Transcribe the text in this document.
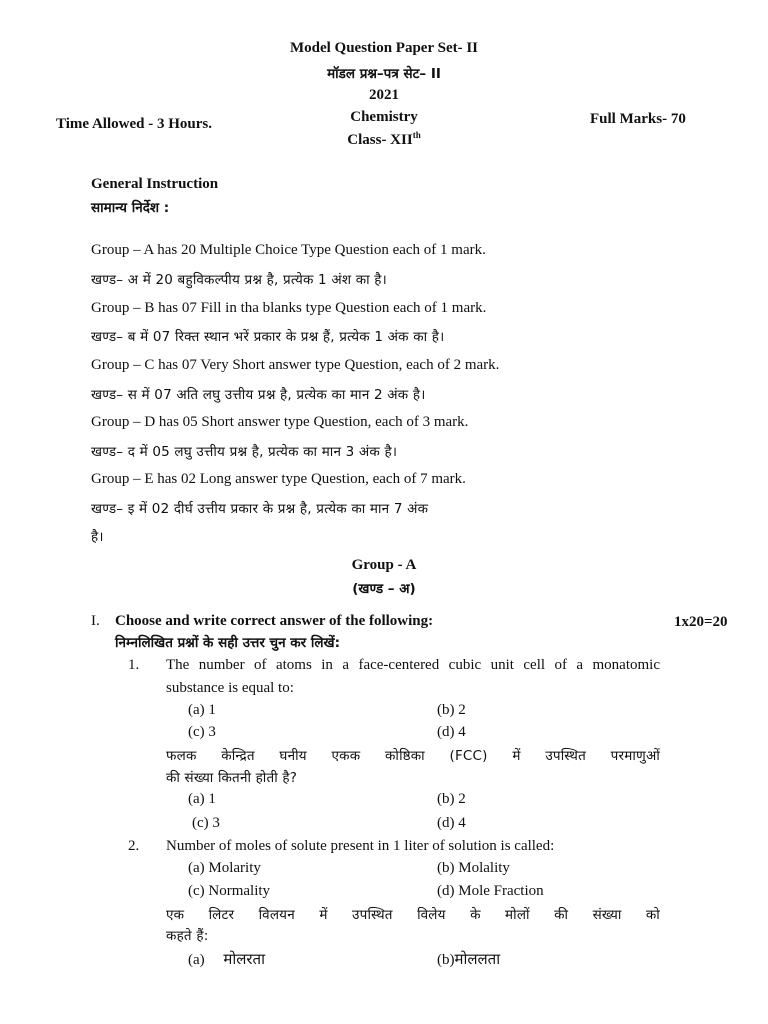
Model Question Paper Set- II
मॉडल प्रश्न–पत्र सेट– II
2021
Chemistry
Class- XIIth
Time Allowed - 3 Hours.	Full Marks- 70
General Instruction
सामान्य निर्देश :
Group – A has 20 Multiple Choice Type Question each of 1 mark.
खण्ड– अ में 20 बहुविकल्पीय प्रश्न है, प्रत्येक 1 अंश का है।
Group – B has 07 Fill in tha blanks type Question each of 1 mark.
खण्ड– ब में 07 रिक्त स्थान भरें प्रकार के प्रश्न हैं, प्रत्येक 1 अंक का है।
Group – C has 07 Very Short answer type Question, each of 2 mark.
खण्ड– स में 07 अति लघु उत्तीय प्रश्न है, प्रत्येक का मान 2 अंक है।
Group – D has 05 Short answer type Question, each of 3 mark.
खण्ड– द में 05 लघु उत्तीय प्रश्न है, प्रत्येक का मान 3 अंक है।
Group – E has 02 Long answer type Question, each of 7 mark.
खण्ड– इ में 02 दीर्घ उत्तीय प्रकार के प्रश्न है, प्रत्येक का मान 7 अंक
है।
Group - A
(खण्ड – अ)
I. Choose and write correct answer of the following:
निम्नलिखित प्रश्नों के सही उत्तर चुन कर लिखें:
1x20=20
1. The number of atoms in a face-centered cubic unit cell of a monatomic
substance is equal to:
(a) 1	(b) 2
(c) 3	(d) 4
फलक केन्द्रित घनीय एकक कोष्ठिका (FCC) में उपस्थित परमाणुओं
की संख्या कितनी होती है?
(a) 1	(b) 2
(c) 3	(d) 4
2. Number of moles of solute present in 1 liter of solution is called:
(a) Molarity	(b) Molality
(c) Normality	(d) Mole Fraction
एक लिटर विलयन में उपस्थित विलेय के मोलों की संख्या को
कहते हैं:
(a)     मोलरता	(b)मोललता
